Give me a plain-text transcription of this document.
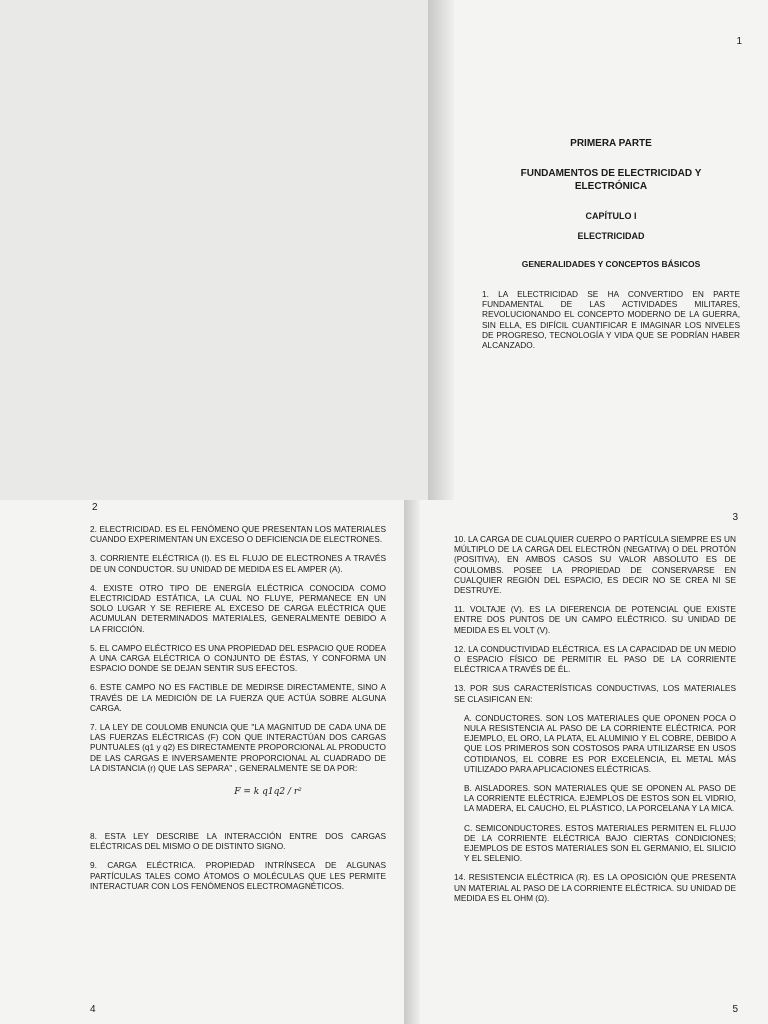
1

PRIMERA PARTE

FUNDAMENTOS DE ELECTRICIDAD Y ELECTRÓNICA

CAPÍTULO I

ELECTRICIDAD

GENERALIDADES Y CONCEPTOS BÁSICOS

1. LA ELECTRICIDAD SE HA CONVERTIDO EN PARTE FUNDAMENTAL DE LAS ACTIVIDADES MILITARES, REVOLUCIONANDO EL CONCEPTO MODERNO DE LA GUERRA, SIN ELLA, ES DIFÍCIL CUANTIFICAR E IMAGINAR LOS NIVELES DE PROGRESO, TECNOLOGÍA Y VIDA QUE SE PODRÍAN HABER ALCANZADO.

2

2. ELECTRICIDAD. ES EL FENÓMENO QUE PRESENTAN LOS MATERIALES CUANDO EXPERIMENTAN UN EXCESO O DEFICIENCIA DE ELECTRONES.

3. CORRIENTE ELÉCTRICA (I). ES EL FLUJO DE ELECTRONES A TRAVÉS DE UN CONDUCTOR. SU UNIDAD DE MEDIDA ES EL AMPER (A).

4. EXISTE OTRO TIPO DE ENERGÍA ELÉCTRICA CONOCIDA COMO ELECTRICIDAD ESTÁTICA, LA CUAL NO FLUYE, PERMANECE EN UN SOLO LUGAR Y SE REFIERE AL EXCESO DE CARGA ELÉCTRICA QUE ACUMULAN DETERMINADOS MATERIALES, GENERALMENTE DEBIDO A LA FRICCIÓN.

5. EL CAMPO ELÉCTRICO ES UNA PROPIEDAD DEL ESPACIO QUE RODEA A UNA CARGA ELÉCTRICA O CONJUNTO DE ÉSTAS, Y CONFORMA UN ESPACIO DONDE SE DEJAN SENTIR SUS EFECTOS.

6. ESTE CAMPO NO ES FACTIBLE DE MEDIRSE DIRECTAMENTE, SINO A TRAVÉS DE LA MEDICIÓN DE LA FUERZA QUE ACTÚA SOBRE ALGUNA CARGA.

7. LA LEY DE COULOMB ENUNCIA QUE "LA MAGNITUD DE CADA UNA DE LAS FUERZAS ELÉCTRICAS (F) CON QUE INTERACTÚAN DOS CARGAS PUNTUALES (q1 y q2) ES DIRECTAMENTE PROPORCIONAL AL PRODUCTO DE LAS CARGAS E INVERSAMENTE PROPORCIONAL AL CUADRADO DE LA DISTANCIA (r) QUE LAS SEPARA" , GENERALMENTE SE DA POR:

F = k q1q2 / r²

8. ESTA LEY DESCRIBE LA INTERACCIÓN ENTRE DOS CARGAS ELÉCTRICAS DEL MISMO O DE DISTINTO SIGNO.

9. CARGA ELÉCTRICA. PROPIEDAD INTRÍNSECA DE ALGUNAS PARTÍCULAS TALES COMO ÁTOMOS O MOLÉCULAS QUE LES PERMITE INTERACTUAR CON LOS FENÓMENOS ELECTROMAGNÉTICOS.

4
3

10. LA CARGA DE CUALQUIER CUERPO O PARTÍCULA SIEMPRE ES UN MÚLTIPLO DE LA CARGA DEL ELECTRÓN (NEGATIVA) O DEL PROTÓN (POSITIVA), EN AMBOS CASOS SU VALOR ABSOLUTO ES DE COULOMBS. POSEE LA PROPIEDAD DE CONSERVARSE EN CUALQUIER REGIÓN DEL ESPACIO, ES DECIR NO SE CREA NI SE DESTRUYE.

11. VOLTAJE (V). ES LA DIFERENCIA DE POTENCIAL QUE EXISTE ENTRE DOS PUNTOS DE UN CAMPO ELÉCTRICO. SU UNIDAD DE MEDIDA ES EL VOLT (V).

12. LA CONDUCTIVIDAD ELÉCTRICA. ES LA CAPACIDAD DE UN MEDIO O ESPACIO FÍSICO DE PERMITIR EL PASO DE LA CORRIENTE ELÉCTRICA A TRAVÉS DE ÉL.

13. POR SUS CARACTERÍSTICAS CONDUCTIVAS, LOS MATERIALES SE CLASIFICAN EN:

A. CONDUCTORES. SON LOS MATERIALES QUE OPONEN POCA O NULA RESISTENCIA AL PASO DE LA CORRIENTE ELÉCTRICA. POR EJEMPLO, EL ORO, LA PLATA, EL ALUMINIO Y EL COBRE, DEBIDO A QUE LOS PRIMEROS SON COSTOSOS PARA UTILIZARSE EN USOS COTIDIANOS, EL COBRE ES POR EXCELENCIA, EL METAL MÁS UTILIZADO PARA APLICACIONES ELÉCTRICAS.

B. AISLADORES. SON MATERIALES QUE SE OPONEN AL PASO DE LA CORRIENTE ELÉCTRICA. EJEMPLOS DE ESTOS SON EL VIDRIO, LA MADERA, EL CAUCHO, EL PLÁSTICO, LA PORCELANA Y LA MICA.

C. SEMICONDUCTORES. ESTOS MATERIALES PERMITEN EL FLUJO DE LA CORRIENTE ELÉCTRICA BAJO CIERTAS CONDICIONES; EJEMPLOS DE ESTOS MATERIALES SON EL GERMANIO, EL SILICIO Y EL SELENIO.

14. RESISTENCIA ELÉCTRICA (R). ES LA OPOSICIÓN QUE PRESENTA UN MATERIAL AL PASO DE LA CORRIENTE ELÉCTRICA. SU UNIDAD DE MEDIDA ES EL OHM (Ω).

5
